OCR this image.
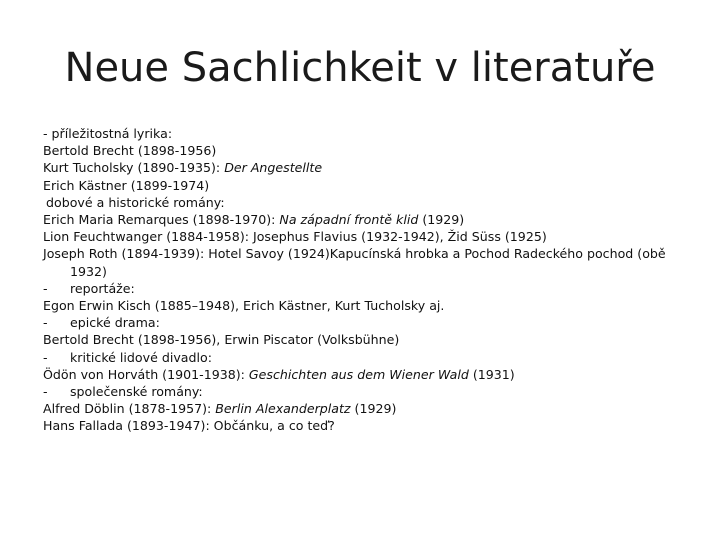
Neue Sachlichkeit v literatuře
- příležitostná lyrika:
Bertold Brecht (1898-1956)
Kurt Tucholsky (1890-1935): Der Angestellte
Erich Kästner (1899-1974)
dobové a historické romány:
Erich Maria Remarques (1898-1970): Na západní frontě klid (1929)
Lion Feuchtwanger (1884-1958): Josephus Flavius (1932-1942), Žid Süss (1925)
Joseph Roth (1894-1939): Hotel Savoy (1924)Kapucínská hrobka a Pochod Radeckého pochod (obě
1932)
- reportáže:
Egon Erwin Kisch (1885–1948), Erich Kästner, Kurt Tucholsky aj.
- epické drama:
Bertold Brecht (1898-1956), Erwin Piscator (Volksbühne)
- kritické lidové divadlo:
Ödön von Horváth (1901-1938): Geschichten aus dem Wiener Wald (1931)
- společenské romány:
Alfred Döblin (1878-1957): Berlin Alexanderplatz (1929)
Hans Fallada (1893-1947): Občánku, a co teď?
